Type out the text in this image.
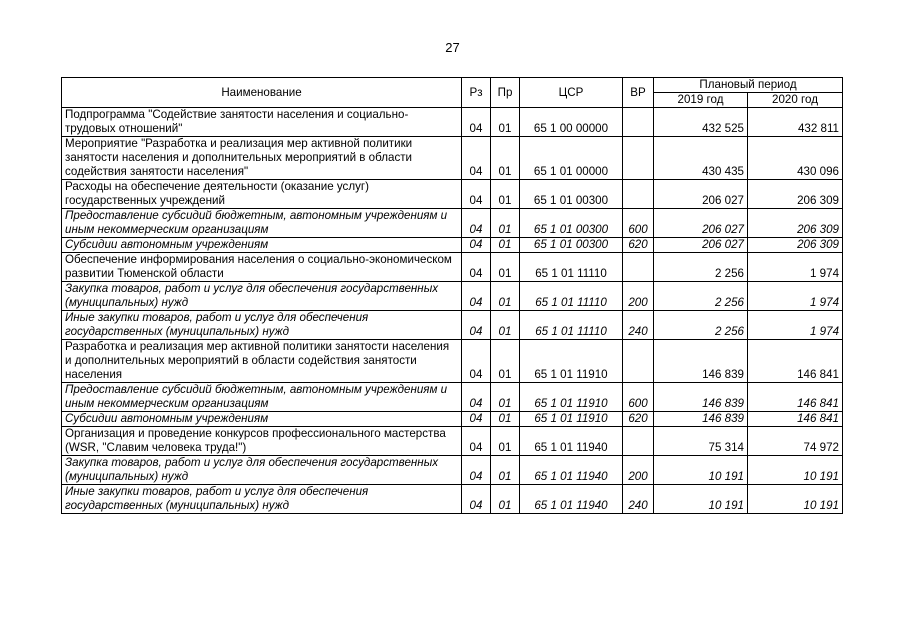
27
Наименование	Рз	Пр	ЦСР	ВР	Плановый период	
					2019 год	2020 год
Подпрограмма "Содействие занятости населения и социально-трудовых отношений"	04	01	65 1 00 00000		432 525	432 811
Мероприятие "Разработка и реализация мер активной политики занятости населения и дополнительных мероприятий в области содействия занятости населения"	04	01	65 1 01 00000		430 435	430 096
Расходы на обеспечение деятельности (оказание услуг) государственных учреждений	04	01	65 1 01 00300		206 027	206 309
Предоставление субсидий бюджетным, автономным учреждениям и иным некоммерческим организациям	04	01	65 1 01 00300	600	206 027	206 309
Субсидии автономным учреждениям	04	01	65 1 01 00300	620	206 027	206 309
Обеспечение информирования населения о социально-экономическом развитии Тюменской области	04	01	65 1 01 11110		2 256	1 974
Закупка товаров, работ и услуг для обеспечения государственных (муниципальных) нужд	04	01	65 1 01 11110	200	2 256	1 974
Иные закупки товаров, работ и услуг для обеспечения государственных (муниципальных) нужд	04	01	65 1 01 11110	240	2 256	1 974
Разработка и реализация мер активной политики занятости населения и дополнительных мероприятий в области содействия занятости населения	04	01	65 1 01 11910		146 839	146 841
Предоставление субсидий бюджетным, автономным учреждениям и иным некоммерческим организациям	04	01	65 1 01 11910	600	146 839	146 841
Субсидии автономным учреждениям	04	01	65 1 01 11910	620	146 839	146 841
Организация и проведение конкурсов профессионального мастерства (WSR, "Славим человека труда!")	04	01	65 1 01 11940		75 314	74 972
Закупка товаров, работ и услуг для обеспечения государственных (муниципальных) нужд	04	01	65 1 01 11940	200	10 191	10 191
Иные закупки товаров, работ и услуг для обеспечения государственных (муниципальных) нужд	04	01	65 1 01 11940	240	10 191	10 191
